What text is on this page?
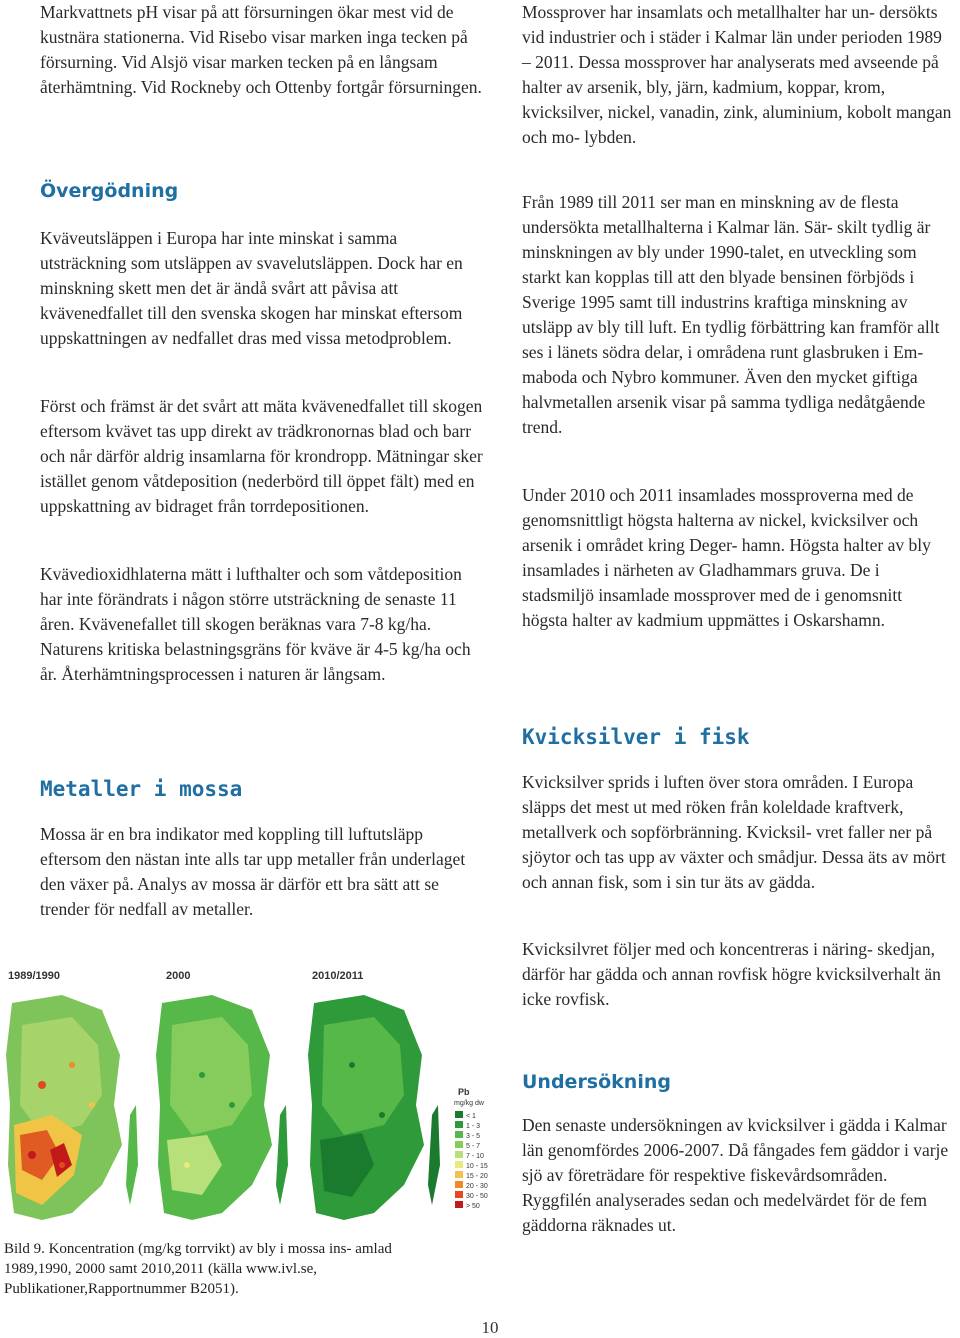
Markvattnets pH visar på att försurningen ökar mest vid de kustnära stationerna. Vid Risebo visar marken inga tecken på försurning. Vid Alsjö visar marken tecken på en långsam återhämtning. Vid Rockneby och Ottenby fortgår försurningen.

Övergödning

Kväveutsläppen i Europa har inte minskat i samma utsträckning som utsläppen av svavelutsläppen. Dock har en minskning skett men det är ändå svårt att påvisa att kvävenedfallet till den svenska skogen har minskat eftersom uppskattningen av nedfallet dras med vissa metodproblem.

Först och främst är det svårt att mäta kvävenedfallet till skogen eftersom kvävet tas upp direkt av trädkronornas blad och barr och når därför aldrig insamlarna för krondropp. Mätningar sker istället genom våtdeposition (nederbörd till öppet fält) med en uppskattning av bidraget från torrdepositionen.

Kvävedioxidhlaterna mätt i lufthalter och som våtdeposition har inte förändrats i någon större utsträckning de senaste 11 åren. Kvävenefallet till skogen beräknas vara 7-8 kg/ha. Naturens kritiska belastningsgräns för kväve är 4-5 kg/ha och år. Återhämtningsprocessen i naturen är långsam.

Metaller i mossa

Mossa är en bra indikator med koppling till luftutsläpp eftersom den nästan inte alls tar upp metaller från underlaget den växer på. Analys av mossa är därför ett bra sätt att se trender för nedfall av metaller.

1989/1990	2000	2010/2011
Pb
mg/kg dw
< 1
1 - 3
3 - 5
5 - 7
7 - 10
10 - 15
15 - 20
20 - 30
30 - 50
> 50
Bild 9. Koncentration (mg/kg torrvikt) av bly i mossa ins- amlad 1989,1990, 2000 samt 2010,2011 (källa www.ivl.se, Publikationer,Rapportnummer B2051).

Mossprover har insamlats och metallhalter har un- dersökts vid industrier och i städer i Kalmar län under perioden 1989 – 2011. Dessa mossprover har analyserats med avseende på halter av arsenik, bly, järn, kadmium, koppar, krom, kvicksilver, nickel, vanadin, zink, aluminium, kobolt mangan och mo- lybden.

Från 1989 till 2011 ser man en minskning av de flesta undersökta metallhalterna i Kalmar län. Sär- skilt tydlig är minskningen av bly under 1990-talet, en utveckling som starkt kan kopplas till att den blyade bensinen förbjöds i Sverige 1995 samt till industrins kraftiga minskning av utsläpp av bly till luft. En tydlig förbättring kan framför allt ses i länets södra delar, i områdena runt glasbruken i Em- maboda och Nybro kommuner. Även den mycket giftiga halvmetallen arsenik visar på samma tydliga nedåtgående trend.

Under 2010 och 2011 insamlades mossproverna med de genomsnittligt högsta halterna av nickel, kvicksilver och arsenik i området kring Deger- hamn. Högsta halter av bly insamlades i närheten av Gladhammars gruva. De i stadsmiljö insamlade mossprover med de i genomsnitt högsta halter av kadmium uppmättes i Oskarshamn.

Kvicksilver i fisk

Kvicksilver sprids i luften över stora områden. I Europa släpps det mest ut med röken från koleldade kraftverk, metallverk och sopförbränning. Kvicksil- vret faller ner på sjöytor och tas upp av växter och smådjur. Dessa äts av mört och annan fisk, som i sin tur äts av gädda.

Kvicksilvret följer med och koncentreras i näring- skedjan, därför har gädda och annan rovfisk högre kvicksilverhalt än icke rovfisk.

Undersökning

Den senaste undersökningen av kvicksilver i gädda i Kalmar län genomfördes 2006-2007. Då fångades fem gäddor i varje sjö av företrädare för respektive fiskevårdsområden. Ryggfilén analyserades sedan och medelvärdet för de fem gäddorna räknades ut.

10
